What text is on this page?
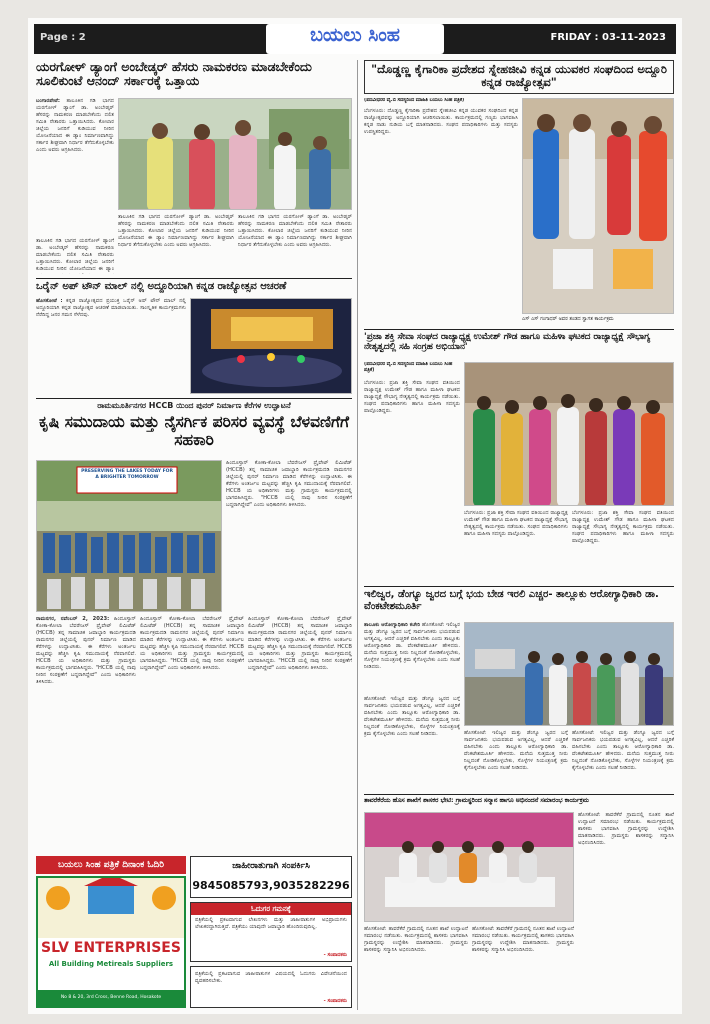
Page : 2	ಬಯಲು ಸಿಂಹ	FRIDAY : 03-11-2023
ಯರಗೋಳ್ ಡ್ಯಾಂಗೆ ಅಂಬೇಡ್ಕರ್ ಹೆಸರು ನಾಮಕರಣ ಮಾಡಬೇಕೆಂದು ಸೂಲಿಕುಂಟೆ ಆನಂದ್ ಸರ್ಕಾರಕ್ಕೆ ಒತ್ತಾಯ
ಬಂಗಾರಪೇಟೆ: ತಾಲೂಕಿನ ಗಡಿ ಭಾಗದ ಯರಗೋಳ್ ಡ್ಯಾಂಗೆ ಡಾ. ಅಂಬೇಡ್ಕರ್ ಹೆಸರನ್ನು ನಾಮಕರಣ ಮಾಡಬೇಕೆಂದು ದಲಿತ ಸಮಿತಿ ನೇತಾರರು ಒತ್ತಾಯಿಸಿದರು. ಕೋಲಾರ ಜಿಲ್ಲೆಯ ಜನರಿಗೆ ಕುಡಿಯುವ ನೀರಿನ ಯೋಜನೆಯಾದ ಈ ಡ್ಯಾಂ ನಿರ್ಮಾಣವಾಗಿದ್ದು ಸರ್ಕಾರ ಶೀಘ್ರವಾಗಿ ನಿರ್ಧಾರ ತೆಗೆದುಕೊಳ್ಳಬೇಕು ಎಂದು ಅವರು ಆಗ್ರಹಿಸಿದರು.
ತಾಲೂಕಿನ ಗಡಿ ಭಾಗದ ಯರಗೋಳ್ ಡ್ಯಾಂಗೆ ಡಾ. ಅಂಬೇಡ್ಕರ್ ಹೆಸರನ್ನು ನಾಮಕರಣ ಮಾಡಬೇಕೆಂದು ದಲಿತ ಸಮಿತಿ ನೇತಾರರು ಒತ್ತಾಯಿಸಿದರು. ಕೋಲಾರ ಜಿಲ್ಲೆಯ ಜನರಿಗೆ ಕುಡಿಯುವ ನೀರಿನ ಯೋಜನೆಯಾದ ಈ ಡ್ಯಾಂ ನಿರ್ಮಾಣವಾಗಿದ್ದು ಸರ್ಕಾರ ಶೀಘ್ರವಾಗಿ ನಿರ್ಧಾರ ತೆಗೆದುಕೊಳ್ಳಬೇಕು ಎಂದು ಅವರು ಆಗ್ರಹಿಸಿದರು.
ತಾಲೂಕಿನ ಗಡಿ ಭಾಗದ ಯರಗೋಳ್ ಡ್ಯಾಂಗೆ ಡಾ. ಅಂಬೇಡ್ಕರ್ ಹೆಸರನ್ನು ನಾಮಕರಣ ಮಾಡಬೇಕೆಂದು ದಲಿತ ಸಮಿತಿ ನೇತಾರರು ಒತ್ತಾಯಿಸಿದರು. ಕೋಲಾರ ಜಿಲ್ಲೆಯ ಜನರಿಗೆ ಕುಡಿಯುವ ನೀರಿನ ಯೋಜನೆಯಾದ ಈ ಡ್ಯಾಂ ನಿರ್ಮಾಣವಾಗಿದ್ದು ಸರ್ಕಾರ ಶೀಘ್ರವಾಗಿ ನಿರ್ಧಾರ ತೆಗೆದುಕೊಳ್ಳಬೇಕು ಎಂದು ಅವರು ಆಗ್ರಹಿಸಿದರು.
ತಾಲೂಕಿನ ಗಡಿ ಭಾಗದ ಯರಗೋಳ್ ಡ್ಯಾಂಗೆ ಡಾ. ಅಂಬೇಡ್ಕರ್ ಹೆಸರನ್ನು ನಾಮಕರಣ ಮಾಡಬೇಕೆಂದು ದಲಿತ ಸಮಿತಿ ನೇತಾರರು ಒತ್ತಾಯಿಸಿದರು. ಕೋಲಾರ ಜಿಲ್ಲೆಯ ಜನರಿಗೆ ಕುಡಿಯುವ ನೀರಿನ ಯೋಜನೆಯಾದ ಈ ಡ್ಯಾಂ
ಒರೈನ್ ಅಪ್ ಟೌನ್ ಮಾಲ್ ನಲ್ಲಿ ಅದ್ದೂರಿಯಾಗಿ ಕನ್ನಡ ರಾಜ್ಯೋತ್ಸವ ಆಚರಣೆ
ಹೊಸಕೋಟೆ : ಕನ್ನಡ ರಾಜ್ಯೋತ್ಸವದ ಪ್ರಯುಕ್ತ ಒರೈನ್ ಅಪ್ ಟೌನ್ ಮಾಲ್ ನಲ್ಲಿ ಅದ್ದೂರಿಯಾಗಿ ಕನ್ನಡ ರಾಜ್ಯೋತ್ಸವ ಆಚರಣೆ ಮಾಡಲಾಯಿತು. ಸಾಂಸ್ಕೃತಿಕ ಕಾರ್ಯಕ್ರಮಗಳು ನೆರೆದಿದ್ದ ಜನರ ಗಮನ ಸೆಳೆದವು.
ರಾಮಮೂರ್ತಿನಗರ HCCB ಯಿಂದ ಪುನರ್ ನಿರ್ಮಾಣ ಕೆರೆಗಳ ಉದ್ಘಾಟನೆ
ಕೃಷಿ ಸಮುದಾಯ ಮತ್ತು ನೈಸರ್ಗಿಕ ಪರಿಸರ ವ್ಯವಸ್ಥೆ ಬೆಳವಣಿಗೆಗೆ ಸಹಕಾರಿ
PRESERVING THE LAKES TODAY FOR A BRIGHTER TOMORROW
ಹಿಂದೂಸ್ತಾನ್ ಕೋಕಾ-ಕೋಲಾ ಬೆವರೇಜಸ್ ಪ್ರೈವೇಟ್ ಲಿಮಿಟೆಡ್ (HCCB) ತನ್ನ ಸಾಮಾಜಿಕ ಜವಾಬ್ದಾರಿ ಕಾರ್ಯಕ್ರಮದಡಿ ರಾಮನಗರ ಜಿಲ್ಲೆಯಲ್ಲಿ ಪುನರ್ ನಿರ್ಮಾಣ ಮಾಡಿದ ಕೆರೆಗಳನ್ನು ಉದ್ಘಾಟಿಸಿತು. ಈ ಕೆರೆಗಳು ಅಂತರ್ಜಲ ಮಟ್ಟವನ್ನು ಹೆಚ್ಚಿಸಿ ಕೃಷಿ ಸಮುದಾಯಕ್ಕೆ ನೆರವಾಗಲಿವೆ. HCCB ಯ ಅಧಿಕಾರಿಗಳು ಮತ್ತು ಗ್ರಾಮಸ್ಥರು ಕಾರ್ಯಕ್ರಮದಲ್ಲಿ ಭಾಗವಹಿಸಿದ್ದರು. "HCCB ಯಲ್ಲಿ ನಾವು ನೀರಿನ ಸಂರಕ್ಷಣೆಗೆ ಬದ್ಧರಾಗಿದ್ದೇವೆ" ಎಂದು ಅಧಿಕಾರಿಗಳು ತಿಳಿಸಿದರು.
ರಾಮನಗರ, ನವೆಂಬರ್ 2, 2023: ಹಿಂದೂಸ್ತಾನ್ ಕೋಕಾ-ಕೋಲಾ ಬೆವರೇಜಸ್ ಪ್ರೈವೇಟ್ ಲಿಮಿಟೆಡ್ (HCCB) ತನ್ನ ಸಾಮಾಜಿಕ ಜವಾಬ್ದಾರಿ ಕಾರ್ಯಕ್ರಮದಡಿ ರಾಮನಗರ ಜಿಲ್ಲೆಯಲ್ಲಿ ಪುನರ್ ನಿರ್ಮಾಣ ಮಾಡಿದ ಕೆರೆಗಳನ್ನು ಉದ್ಘಾಟಿಸಿತು. ಈ ಕೆರೆಗಳು ಅಂತರ್ಜಲ ಮಟ್ಟವನ್ನು ಹೆಚ್ಚಿಸಿ ಕೃಷಿ ಸಮುದಾಯಕ್ಕೆ ನೆರವಾಗಲಿವೆ. HCCB ಯ ಅಧಿಕಾರಿಗಳು ಮತ್ತು ಗ್ರಾಮಸ್ಥರು ಕಾರ್ಯಕ್ರಮದಲ್ಲಿ ಭಾಗವಹಿಸಿದ್ದರು. "HCCB ಯಲ್ಲಿ ನಾವು ನೀರಿನ ಸಂರಕ್ಷಣೆಗೆ ಬದ್ಧರಾಗಿದ್ದೇವೆ" ಎಂದು ಅಧಿಕಾರಿಗಳು ತಿಳಿಸಿದರು.
ಹಿಂದೂಸ್ತಾನ್ ಕೋಕಾ-ಕೋಲಾ ಬೆವರೇಜಸ್ ಪ್ರೈವೇಟ್ ಲಿಮಿಟೆಡ್ (HCCB) ತನ್ನ ಸಾಮಾಜಿಕ ಜವಾಬ್ದಾರಿ ಕಾರ್ಯಕ್ರಮದಡಿ ರಾಮನಗರ ಜಿಲ್ಲೆಯಲ್ಲಿ ಪುನರ್ ನಿರ್ಮಾಣ ಮಾಡಿದ ಕೆರೆಗಳನ್ನು ಉದ್ಘಾಟಿಸಿತು. ಈ ಕೆರೆಗಳು ಅಂತರ್ಜಲ ಮಟ್ಟವನ್ನು ಹೆಚ್ಚಿಸಿ ಕೃಷಿ ಸಮುದಾಯಕ್ಕೆ ನೆರವಾಗಲಿವೆ. HCCB ಯ ಅಧಿಕಾರಿಗಳು ಮತ್ತು ಗ್ರಾಮಸ್ಥರು ಕಾರ್ಯಕ್ರಮದಲ್ಲಿ ಭಾಗವಹಿಸಿದ್ದರು. "HCCB ಯಲ್ಲಿ ನಾವು ನೀರಿನ ಸಂರಕ್ಷಣೆಗೆ ಬದ್ಧರಾಗಿದ್ದೇವೆ" ಎಂದು ಅಧಿಕಾರಿಗಳು ತಿಳಿಸಿದರು.
ಹಿಂದೂಸ್ತಾನ್ ಕೋಕಾ-ಕೋಲಾ ಬೆವರೇಜಸ್ ಪ್ರೈವೇಟ್ ಲಿಮಿಟೆಡ್ (HCCB) ತನ್ನ ಸಾಮಾಜಿಕ ಜವಾಬ್ದಾರಿ ಕಾರ್ಯಕ್ರಮದಡಿ ರಾಮನಗರ ಜಿಲ್ಲೆಯಲ್ಲಿ ಪುನರ್ ನಿರ್ಮಾಣ ಮಾಡಿದ ಕೆರೆಗಳನ್ನು ಉದ್ಘಾಟಿಸಿತು. ಈ ಕೆರೆಗಳು ಅಂತರ್ಜಲ ಮಟ್ಟವನ್ನು ಹೆಚ್ಚಿಸಿ ಕೃಷಿ ಸಮುದಾಯಕ್ಕೆ ನೆರವಾಗಲಿವೆ. HCCB ಯ ಅಧಿಕಾರಿಗಳು ಮತ್ತು ಗ್ರಾಮಸ್ಥರು ಕಾರ್ಯಕ್ರಮದಲ್ಲಿ ಭಾಗವಹಿಸಿದ್ದರು. "HCCB ಯಲ್ಲಿ ನಾವು ನೀರಿನ ಸಂರಕ್ಷಣೆಗೆ ಬದ್ಧರಾಗಿದ್ದೇವೆ" ಎಂದು ಅಧಿಕಾರಿಗಳು ತಿಳಿಸಿದರು.
ಬಯಲು ಸಿಂಹ ಪತ್ರಿಕೆ ದಿನಾಂಕ ಓದಿರಿ
SLV ENTERPRISES
All Building Metireals Suppliers
No 8 & 20, 3rd Cross, Benne Road, Hosakote
ಜಾಹೀರಾತುಗಾಗಿ ಸಂಪರ್ಕಿಸಿ
9845085793,9035282296
ಓದುಗರ ಗಮನಕ್ಕೆ
ಪತ್ರಿಕೆಯಲ್ಲಿ ಪ್ರಕಟವಾಗುವ ಲೇಖನಗಳು ಮತ್ತು ಜಾಹೀರಾತುಗಳ ಅಭಿಪ್ರಾಯಗಳು ಲೇಖಕರದ್ದಾಗಿರುತ್ತವೆ. ಪತ್ರಿಕೆಯು ಯಾವುದೇ ಜವಾಬ್ದಾರಿ ಹೊಂದಿರುವುದಿಲ್ಲ.
- ಸಂಪಾದಕರು
ಪತ್ರಿಕೆಯಲ್ಲಿ ಪ್ರಕಟವಾಗುವ ಜಾಹೀರಾತುಗಳ ವಿಷಯದಲ್ಲಿ ಓದುಗರು ವಿವೇಚನೆಯಿಂದ ವ್ಯವಹರಿಸಬೇಕು.
- ಸಂಪಾದಕರು
"ದೊಡ್ಡಣ್ಣ ಕೈಗಾರಿಕಾ ಪ್ರದೇಶದ ಸ್ನೇಹಜೀವಿ ಕನ್ನಡ ಯುವಕರ ಸಂಘದಿಂದ ಅದ್ದೂರಿ ಕನ್ನಡ ರಾಜ್ಯೋತ್ಸವ"
(ಪದವೀಧರರ ವೈ.ಬಿ ಸದಸ್ಯರಿಂದ ಮಾಹಿತಿ ಬಯಲು ಸಿಂಹ ಪತ್ರಿಕೆ)
ಬೆಂಗಳೂರು: ದೊಡ್ಡಣ್ಣ ಕೈಗಾರಿಕಾ ಪ್ರದೇಶದ ಸ್ನೇಹಜೀವಿ ಕನ್ನಡ ಯುವಕರ ಸಂಘದಿಂದ ಕನ್ನಡ ರಾಜ್ಯೋತ್ಸವವನ್ನು ಅದ್ದೂರಿಯಾಗಿ ಆಚರಿಸಲಾಯಿತು. ಕಾರ್ಯಕ್ರಮದಲ್ಲಿ ಗಣ್ಯರು ಭಾಗವಹಿಸಿ ಕನ್ನಡ ನಾಡು ನುಡಿಯ ಬಗ್ಗೆ ಮಾತನಾಡಿದರು. ಸಂಘದ ಪದಾಧಿಕಾರಿಗಳು ಮತ್ತು ಸದಸ್ಯರು ಉಪಸ್ಥಿತರಿದ್ದರು.
ಎಸ್ ಎಸ್ ಗಂಗಾಧರ್ ಅವರ ತಂಡದ ಸ್ವಾಗತ ಕಾರ್ಯಕ್ರಮ
'ಪ್ರಜಾ ಶಕ್ತಿ ಸೇವಾ ಸಂಘದ ರಾಜ್ಯಾಧ್ಯಕ್ಷ ಉಮೇಶ್ ಗೌಡ ಹಾಗೂ ಮಹಿಳಾ ಘಟಕದ ರಾಜ್ಯಾಧ್ಯಕ್ಷೆ ಸೌಭಾಗ್ಯ ನೇತೃತ್ವದಲ್ಲಿ ಸಹಿ ಸಂಗ್ರಹ ಅಭಿಯಾನ'
(ಪದವೀಧರರ ವೈ.ಬಿ ಸದಸ್ಯರಿಂದ ಮಾಹಿತಿ ಬಯಲು ಸಿಂಹ ಪತ್ರಿಕೆ)
ಬೆಂಗಳೂರು: ಪ್ರಜಾ ಶಕ್ತಿ ಸೇವಾ ಸಂಘದ ವತಿಯಿಂದ ರಾಜ್ಯಾಧ್ಯಕ್ಷ ಉಮೇಶ್ ಗೌಡ ಹಾಗೂ ಮಹಿಳಾ ಘಟಕದ ರಾಜ್ಯಾಧ್ಯಕ್ಷೆ ಸೌಭಾಗ್ಯ ನೇತೃತ್ವದಲ್ಲಿ ಕಾರ್ಯಕ್ರಮ ನಡೆಯಿತು. ಸಂಘದ ಪದಾಧಿಕಾರಿಗಳು ಹಾಗೂ ಮಹಿಳಾ ಸದಸ್ಯರು ಪಾಲ್ಗೊಂಡಿದ್ದರು.
ಬೆಂಗಳೂರು: ಪ್ರಜಾ ಶಕ್ತಿ ಸೇವಾ ಸಂಘದ ವತಿಯಿಂದ ರಾಜ್ಯಾಧ್ಯಕ್ಷ ಉಮೇಶ್ ಗೌಡ ಹಾಗೂ ಮಹಿಳಾ ಘಟಕದ ರಾಜ್ಯಾಧ್ಯಕ್ಷೆ ಸೌಭಾಗ್ಯ ನೇತೃತ್ವದಲ್ಲಿ ಕಾರ್ಯಕ್ರಮ ನಡೆಯಿತು. ಸಂಘದ ಪದಾಧಿಕಾರಿಗಳು ಹಾಗೂ ಮಹಿಳಾ ಸದಸ್ಯರು ಪಾಲ್ಗೊಂಡಿದ್ದರು.
ಬೆಂಗಳೂರು: ಪ್ರಜಾ ಶಕ್ತಿ ಸೇವಾ ಸಂಘದ ವತಿಯಿಂದ ರಾಜ್ಯಾಧ್ಯಕ್ಷ ಉಮೇಶ್ ಗೌಡ ಹಾಗೂ ಮಹಿಳಾ ಘಟಕದ ರಾಜ್ಯಾಧ್ಯಕ್ಷೆ ಸೌಭಾಗ್ಯ ನೇತೃತ್ವದಲ್ಲಿ ಕಾರ್ಯಕ್ರಮ ನಡೆಯಿತು. ಸಂಘದ ಪದಾಧಿಕಾರಿಗಳು ಹಾಗೂ ಮಹಿಳಾ ಸದಸ್ಯರು ಪಾಲ್ಗೊಂಡಿದ್ದರು.
ಇಲಿಜ್ವರ, ಡೆಂಗ್ಯೂ ಜ್ವರದ ಬಗ್ಗೆ ಭಯ ಬೇಡ ಇರಲಿ ಎಚ್ಚರ- ತಾಲ್ಲೂಕು ಆರೋಗ್ಯಾಧಿಕಾರಿ ಡಾ. ವೆಂಕಟೇಶಮೂರ್ತಿ
ತಾಲೂಕು ಆರೋಗ್ಯಾಧಿಕಾರಿ ಕಚೇರಿ ಹೊಸಕೋಟೆ: ಇಲಿಜ್ವರ ಮತ್ತು ಡೆಂಗ್ಯೂ ಜ್ವರದ ಬಗ್ಗೆ ಸಾರ್ವಜನಿಕರು ಭಯಪಡುವ ಅಗತ್ಯವಿಲ್ಲ, ಆದರೆ ಎಚ್ಚರಿಕೆ ವಹಿಸಬೇಕು ಎಂದು ತಾಲ್ಲೂಕು ಆರೋಗ್ಯಾಧಿಕಾರಿ ಡಾ. ವೆಂಕಟೇಶಮೂರ್ತಿ ಹೇಳಿದರು. ಮನೆಯ ಸುತ್ತಮುತ್ತ ನೀರು ನಿಲ್ಲದಂತೆ ನೋಡಿಕೊಳ್ಳಬೇಕು, ಸೊಳ್ಳೆಗಳ ನಿಯಂತ್ರಣಕ್ಕೆ ಕ್ರಮ ಕೈಗೊಳ್ಳಬೇಕು ಎಂದು ಸಲಹೆ ನೀಡಿದರು.
ಹೊಸಕೋಟೆ: ಇಲಿಜ್ವರ ಮತ್ತು ಡೆಂಗ್ಯೂ ಜ್ವರದ ಬಗ್ಗೆ ಸಾರ್ವಜನಿಕರು ಭಯಪಡುವ ಅಗತ್ಯವಿಲ್ಲ, ಆದರೆ ಎಚ್ಚರಿಕೆ ವಹಿಸಬೇಕು ಎಂದು ತಾಲ್ಲೂಕು ಆರೋಗ್ಯಾಧಿಕಾರಿ ಡಾ. ವೆಂಕಟೇಶಮೂರ್ತಿ ಹೇಳಿದರು. ಮನೆಯ ಸುತ್ತಮುತ್ತ ನೀರು ನಿಲ್ಲದಂತೆ ನೋಡಿಕೊಳ್ಳಬೇಕು, ಸೊಳ್ಳೆಗಳ ನಿಯಂತ್ರಣಕ್ಕೆ ಕ್ರಮ ಕೈಗೊಳ್ಳಬೇಕು ಎಂದು ಸಲಹೆ ನೀಡಿದರು.	ಹೊಸಕೋಟೆ: ಇಲಿಜ್ವರ ಮತ್ತು ಡೆಂಗ್ಯೂ ಜ್ವರದ ಬಗ್ಗೆ ಸಾರ್ವಜನಿಕರು ಭಯಪಡುವ ಅಗತ್ಯವಿಲ್ಲ, ಆದರೆ ಎಚ್ಚರಿಕೆ ವಹಿಸಬೇಕು ಎಂದು ತಾಲ್ಲೂಕು ಆರೋಗ್ಯಾಧಿಕಾರಿ ಡಾ. ವೆಂಕಟೇಶಮೂರ್ತಿ ಹೇಳಿದರು. ಮನೆಯ ಸುತ್ತಮುತ್ತ ನೀರು ನಿಲ್ಲದಂತೆ ನೋಡಿಕೊಳ್ಳಬೇಕು, ಸೊಳ್ಳೆಗಳ ನಿಯಂತ್ರಣಕ್ಕೆ ಕ್ರಮ ಕೈಗೊಳ್ಳಬೇಕು ಎಂದು ಸಲಹೆ ನೀಡಿದರು.
ಹೊಸಕೋಟೆ: ಇಲಿಜ್ವರ ಮತ್ತು ಡೆಂಗ್ಯೂ ಜ್ವರದ ಬಗ್ಗೆ ಸಾರ್ವಜನಿಕರು ಭಯಪಡುವ ಅಗತ್ಯವಿಲ್ಲ, ಆದರೆ ಎಚ್ಚರಿಕೆ ವಹಿಸಬೇಕು ಎಂದು ತಾಲ್ಲೂಕು ಆರೋಗ್ಯಾಧಿಕಾರಿ ಡಾ. ವೆಂಕಟೇಶಮೂರ್ತಿ ಹೇಳಿದರು. ಮನೆಯ ಸುತ್ತಮುತ್ತ ನೀರು ನಿಲ್ಲದಂತೆ ನೋಡಿಕೊಳ್ಳಬೇಕು, ಸೊಳ್ಳೆಗಳ ನಿಯಂತ್ರಣಕ್ಕೆ ಕ್ರಮ ಕೈಗೊಳ್ಳಬೇಕು ಎಂದು ಸಲಹೆ ನೀಡಿದರು.
ತಾವರೆಕೆರೆಯ ಹೊಸ ಶಾಖೆಗೆ ಶಾಸಕರ ಭೇಟಿ: ಗ್ರಾಮಸ್ಥರಿಂದ ಸನ್ಮಾನ ಹಾಗೂ ಅಭಿನಂದನೆ ಸಮಾರಂಭ ಕಾರ್ಯಕ್ರಮ
ಹೊಸಕೋಟೆ: ತಾವರೆಕೆರೆ ಗ್ರಾಮದಲ್ಲಿ ನೂತನ ಶಾಖೆ ಉದ್ಘಾಟನೆ ಸಮಾರಂಭ ನಡೆಯಿತು. ಕಾರ್ಯಕ್ರಮದಲ್ಲಿ ಶಾಸಕರು ಭಾಗವಹಿಸಿ ಗ್ರಾಮಸ್ಥರನ್ನು ಉದ್ದೇಶಿಸಿ ಮಾತನಾಡಿದರು. ಗ್ರಾಮಸ್ಥರು ಶಾಸಕರನ್ನು ಸನ್ಮಾನಿಸಿ ಅಭಿನಂದಿಸಿದರು.
ಹೊಸಕೋಟೆ: ತಾವರೆಕೆರೆ ಗ್ರಾಮದಲ್ಲಿ ನೂತನ ಶಾಖೆ ಉದ್ಘಾಟನೆ ಸಮಾರಂಭ ನಡೆಯಿತು. ಕಾರ್ಯಕ್ರಮದಲ್ಲಿ ಶಾಸಕರು ಭಾಗವಹಿಸಿ ಗ್ರಾಮಸ್ಥರನ್ನು ಉದ್ದೇಶಿಸಿ ಮಾತನಾಡಿದರು. ಗ್ರಾಮಸ್ಥರು ಶಾಸಕರನ್ನು ಸನ್ಮಾನಿಸಿ ಅಭಿನಂದಿಸಿದರು.
ಹೊಸಕೋಟೆ: ತಾವರೆಕೆರೆ ಗ್ರಾಮದಲ್ಲಿ ನೂತನ ಶಾಖೆ ಉದ್ಘಾಟನೆ ಸಮಾರಂಭ ನಡೆಯಿತು. ಕಾರ್ಯಕ್ರಮದಲ್ಲಿ ಶಾಸಕರು ಭಾಗವಹಿಸಿ ಗ್ರಾಮಸ್ಥರನ್ನು ಉದ್ದೇಶಿಸಿ ಮಾತನಾಡಿದರು. ಗ್ರಾಮಸ್ಥರು ಶಾಸಕರನ್ನು ಸನ್ಮಾನಿಸಿ ಅಭಿನಂದಿಸಿದರು.
